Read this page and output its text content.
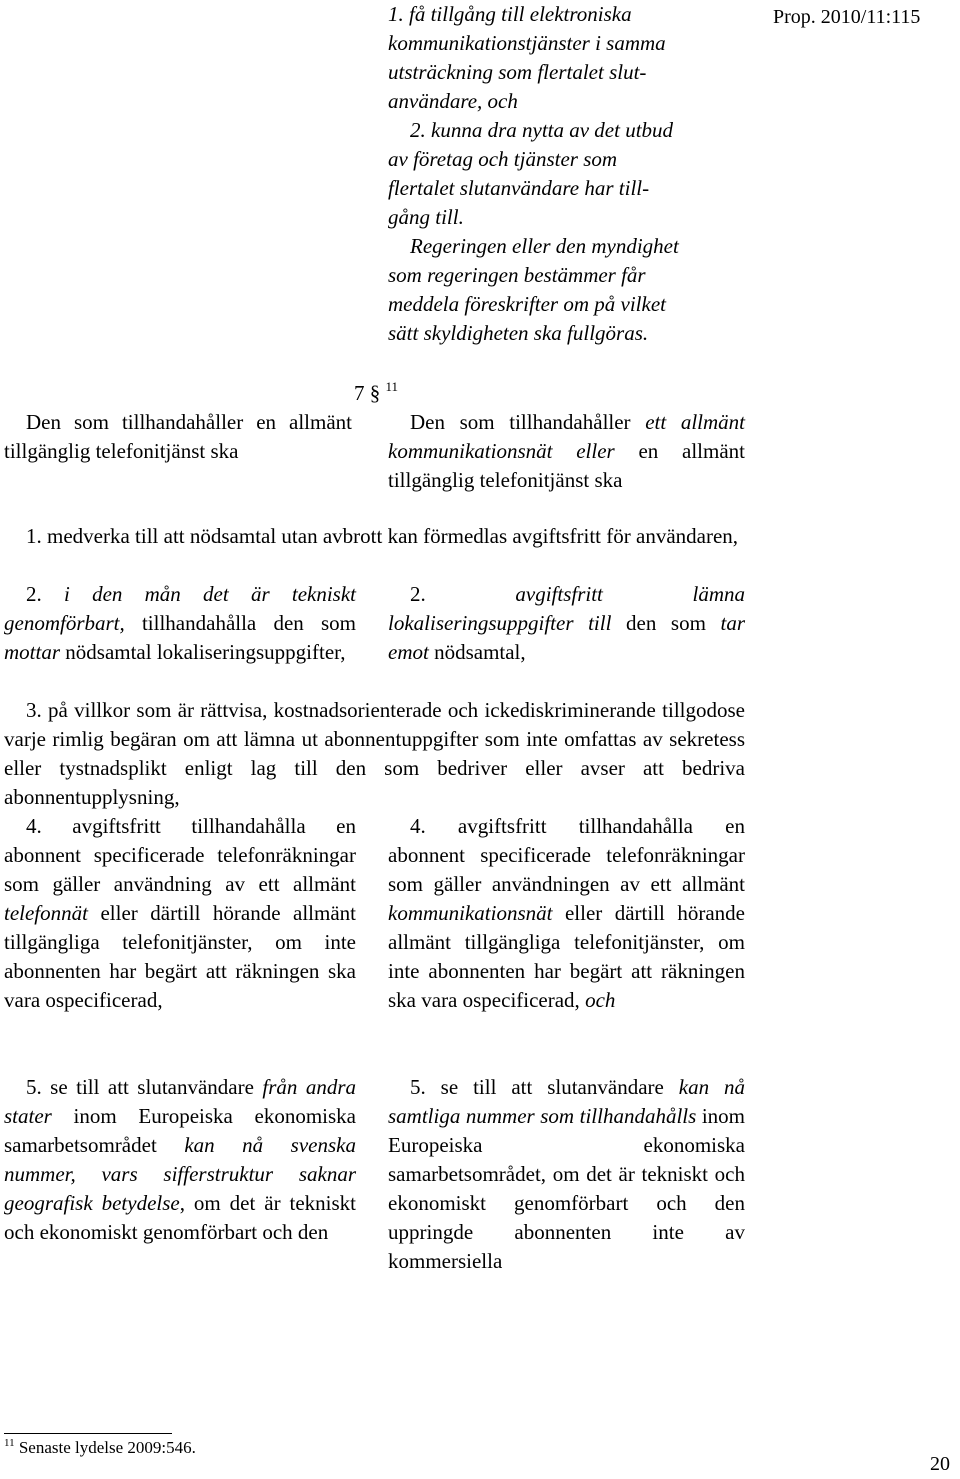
Prop. 2010/11:115
1. få tillgång till elektroniska
kommunikationstjänster i samma
utsträckning som flertalet slut-
användare, och
2. kunna dra nytta av det utbud
av företag och tjänster som
flertalet slutanvändare har till-
gång till.
Regeringen eller den myndighet
som regeringen bestämmer får
meddela föreskrifter om på vilket
sätt skyldigheten ska fullgöras.
7 § $^{11}$
Den som tillhandahåller en allmänt tillgänglig telefonitjänst ska
Den som tillhandahåller ett allmänt kommunikationsnät eller en allmänt tillgänglig telefonitjänst ska
1. medverka till att nödsamtal utan avbrott kan förmedlas avgiftsfritt för användaren,
2. i den mån det är tekniskt genomförbart, tillhandahålla den som mottar nödsamtal lokaliseringsuppgifter,
2. avgiftsfritt lämna lokaliseringsuppgifter till den som tar emot nödsamtal,
3. på villkor som är rättvisa, kostnadsorienterade och ickediskriminerande tillgodose varje rimlig begäran om att lämna ut abonnentuppgifter som inte omfattas av sekretess eller tystnadsplikt enligt lag till den som bedriver eller avser att bedriva abonnentupplysning,
4. avgiftsfritt tillhandahålla en abonnent specificerade telefonräkningar som gäller användning av ett allmänt telefonnät eller därtill hörande allmänt tillgängliga telefonitjänster, om inte abonnenten har begärt att räkningen ska vara ospecificerad,
4. avgiftsfritt tillhandahålla en abonnent specificerade telefonräkningar som gäller användningen av ett allmänt kommunikationsnät eller därtill hörande allmänt tillgängliga telefonitjänster, om inte abonnenten har begärt att räkningen ska vara ospecificerad, och
5. se till att slutanvändare från andra stater inom Europeiska ekonomiska samarbetsområdet kan nå svenska nummer, vars sifferstruktur saknar geografisk betydelse, om det är tekniskt och ekonomiskt genomförbart och den
5. se till att slutanvändare kan nå samtliga nummer som tillhandahålls inom Europeiska ekonomiska samarbetsområdet, om det är tekniskt och ekonomiskt genomförbart och den uppringde abonnenten inte av kommersiella
$^{11}$ Senaste lydelse 2009:546.
20
